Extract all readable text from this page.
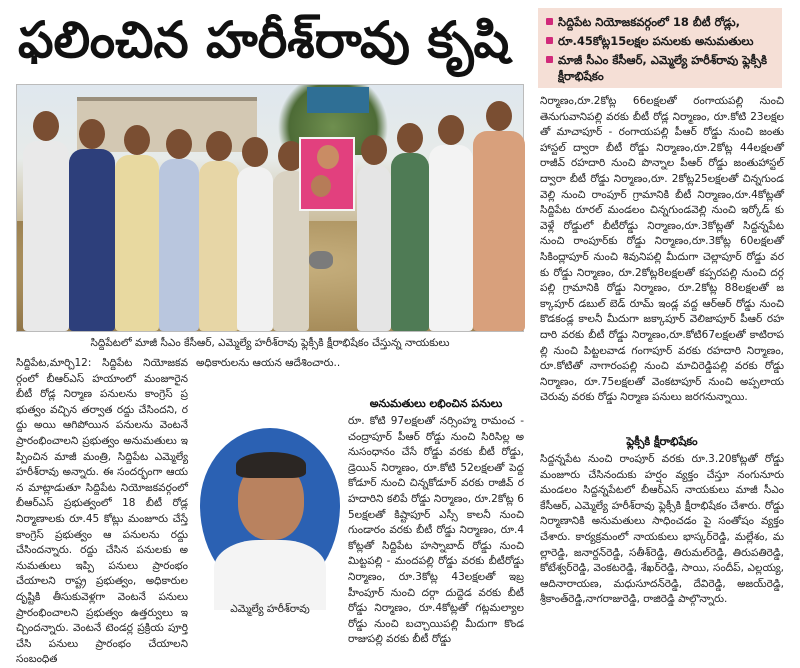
ఫలించిన హరీశ్‌రావు కృషి	సిద్దిపేట నియోజకవర్గంలో 18 బీటీ రోడ్లు,
రూ.45కోట్ల15లక్షల పనులకు అనుమతులు
మాజీ సీఎం కేసీఆర్, ఎమ్మెల్యే హరీశ్‌రావు ఫ్లెక్సీకి క్షీరాభిషేకం
సిద్దిపేటలో మాజీ సీఎం కేసీఆర్, ఎమ్మెల్యే హరీశ్‌రావు ఫ్లెక్సీకి క్షీరాభిషేకం చేస్తున్న నాయకులు
సిద్దిపేట,మార్చి12: సిద్దిపేట నియోజకవర్గంలో బీఆర్‌ఎస్ హయాంలో మంజూరైన బీటీ రోడ్ల నిర్మాణ పనులను కాంగ్రెస్ ప్రభుత్వం వచ్చిన తర్వాత రద్దు చేసిందని, రద్దు అయి ఆగిపోయిన పనులను వెంటనే ప్రారంభించాలని ప్రభుత్వం అనుమతులు ఇప్పించిన మాజీ మంత్రి, సిద్దిపేట ఎమ్మెల్యే హరీశ్‌రావు అన్నారు. ఈ సందర్భంగా ఆయన మాట్లాడుతూ సిద్దిపేట నియోజకవర్గంలో బీఆర్‌ఎస్ ప్రభుత్వంలో 18 బీటీ రోడ్ల నిర్మాణాలకు రూ.45 కోట్లు మంజూరు చేస్తే కాంగ్రెస్ ప్రభుత్వం ఆ పనులను రద్దు చేసిందన్నారు. రద్దు చేసిన పనులకు అనుమతులు ఇప్పి పనులు ప్రారంభం చేయాలని రాష్ట్ర ప్రభుత్వం, అధికారుల దృష్టికి తీసుకువెళ్లగా వెంటనే పనులు ప్రారంభించాలని ప్రభుత్వం ఉత్తర్వులు ఇచ్చిందన్నారు. వెంటనే టెండర్ల ప్రక్రియ పూర్తి చేసి పనులు ప్రారంభం చేయాలని సంబంధిత
అధికారులను ఆయన ఆదేశించారు..
అనుమతులు లభించిన పనులు
రూ. కోటి 97లక్షలతో నర్సింహ్మ రామంచ - చంద్రాపూర్ పీఆర్ రోడ్డు నుంచి సిరిసిల్ల అనుసంధానం చేసే రోడ్డు వరకు బీటీ రోడ్డు, డ్రెయిన్ నిర్మాణం, రూ.కోటి 52లక్షలతో పెద్దకోడూర్ నుంచి చిన్నకోడూర్ వరకు రాజీవ్ రహదారిని కలిపే రోడ్డు నిర్మాణం, రూ.2కోట్ల 65లక్షలతో కిష్టాపూర్ ఎస్సీ కాలనీ నుంచి గుండారం వరకు బీటీ రోడ్డు నిర్మాణం, రూ.4కోట్లతో సిద్దిపేట హస్నాబాద్ రోడ్డు నుంచి మిట్టపల్లి - మందపల్లి రోడ్డు వరకు బీటీరోడ్డు నిర్మాణం, రూ.3కోట్ల 43లక్షలతో ఇబ్రహీంపూర్ నుంచి దర్గా దుద్దెడ వరకు బీటీ రోడ్డు నిర్మాణం, రూ.4కోట్లతో గట్లమల్యాల రోడ్డు నుంచి బచ్చాయిపల్లి మీదుగా కొండరాజుపల్లి వరకు బీటీ రోడ్డు
ఎమ్మెల్యే హరీశ్‌రావు
నిర్మాణం,రూ.2కోట్ల 66లక్షలతో రంగాయపల్లి నుంచి తెనుగువానిపల్లి వరకు బీటీ రోడ్ల నిర్మాణం, రూ.కోటి 23లక్షలతో మాచాపూర్ - రంగాయపల్లి పీఆర్ రోడ్డు నుంచి జంతు హాస్టల్ ద్వారా బీటీ రోడ్డు నిర్మాణం,రూ.2కోట్ల 44లక్షలతో రాజీవ్ రహదారి నుంచి పొన్నాల పీఆర్ రోడ్డు జంతుహాస్టల్ ద్వారా బీటీ రోడ్డు నిర్మాణం,రూ. 2కోట్ల25లక్షలతో చిన్నగుండవెల్లి నుంచి రాంపూర్ గ్రామానికి బీటీ నిర్మాణం,రూ.4కోట్లతో సిద్దిపేట రూరల్ మండలం చిన్నగుండవెల్లి నుంచి ఇర్కోడ్ కు వెళ్లే రోడ్డులో బీటీరోడ్డు నిర్మాణం,రూ.3కోట్లతో సిద్దన్నపేట నుంచి రాంపూర్‌కు రోడ్డు నిర్మాణం,రూ.3కోట్ల 60లక్షలతో సికింద్లాపూర్ నుంచి శివునిపల్లి మీదుగా చెల్లాపూర్ రోడ్డు వరకు రోడ్డు నిర్మాణం, రూ.2కోట్ల8లక్షలతో కప్పరపల్లి నుంచి దర్గపల్లి గ్రామానికి రోడ్డు నిర్మాణం, రూ.2కోట్ల 88లక్షలతో జక్కాపూర్ డబుల్ బెడ్ రూమ్ ఇండ్ల వద్ద ఆర్ఆర్ రోడ్డు నుంచి కొడకండ్ల కాలనీ మీదుగా జక్కాపూర్ వెలిజాపూర్ పీఆర్ రహదారి వరకు బీటీ రోడ్డు నిర్మాణం,రూ.కోటి67లక్షలతో కాటిరాపల్లి నుంచి పిట్టలవాడ గంగాపూర్ వరకు రహదారి నిర్మాణం,రూ.కోటితో నాగారంపల్లి నుంచి మాచిరెడ్డిపల్లి వరకు రోడ్డు నిర్మాణం, రూ.75లక్షలతో వెంకటాపూర్ నుంచి అప్పలాయచెరువు వరకు రోడ్డు నిర్మాణ పనులు జరగనున్నాయి.
ఫ్లెక్సీకి క్షీరాభిషేకం
సిద్దన్నపేట నుంచి రాంపూర్ వరకు రూ.3.20కోట్లతో రోడ్డు మంజూరు చేసినందుకు హర్షం వ్యక్తం చేస్తూ నంగునూరు మండలం సిద్దన్నపేటలో బీఆర్‌ఎస్ నాయకులు మాజీ సీఎం కేసీఆర్, ఎమ్మెల్యే హరీశ్‌రావు ఫ్లెక్సీకి క్షీరాభిషేకం చేశారు. రోడ్డు నిర్మాణానికి అనుమతులు సాధించడం పై సంతోషం వ్యక్తం చేశారు. కార్యక్రమంలో నాయకులు భాస్కర్‌రెడ్డి, మల్లేశం, మల్లారెడ్డి, జనార్దన్‌రెడ్డి, సతీశ్‌రెడ్డి, తిరుమల్‌రెడ్డి, తిరుపతిరెడ్డి, కోటేశ్వర్‌రెడ్డి, వెంకటరెడ్డి, శేఖర్‌రెడ్డి, సాయి, సందీప్, ఎల్లయ్య, ఆదినారాయణ, మధుసూదన్‌రెడ్డి, దేవిరెడ్డి, అజయ్‌రెడ్డి, శ్రీకాంత్‌రెడ్డి,నాగరాజురెడ్డి, రాజిరెడ్డి పాల్గొన్నారు.
